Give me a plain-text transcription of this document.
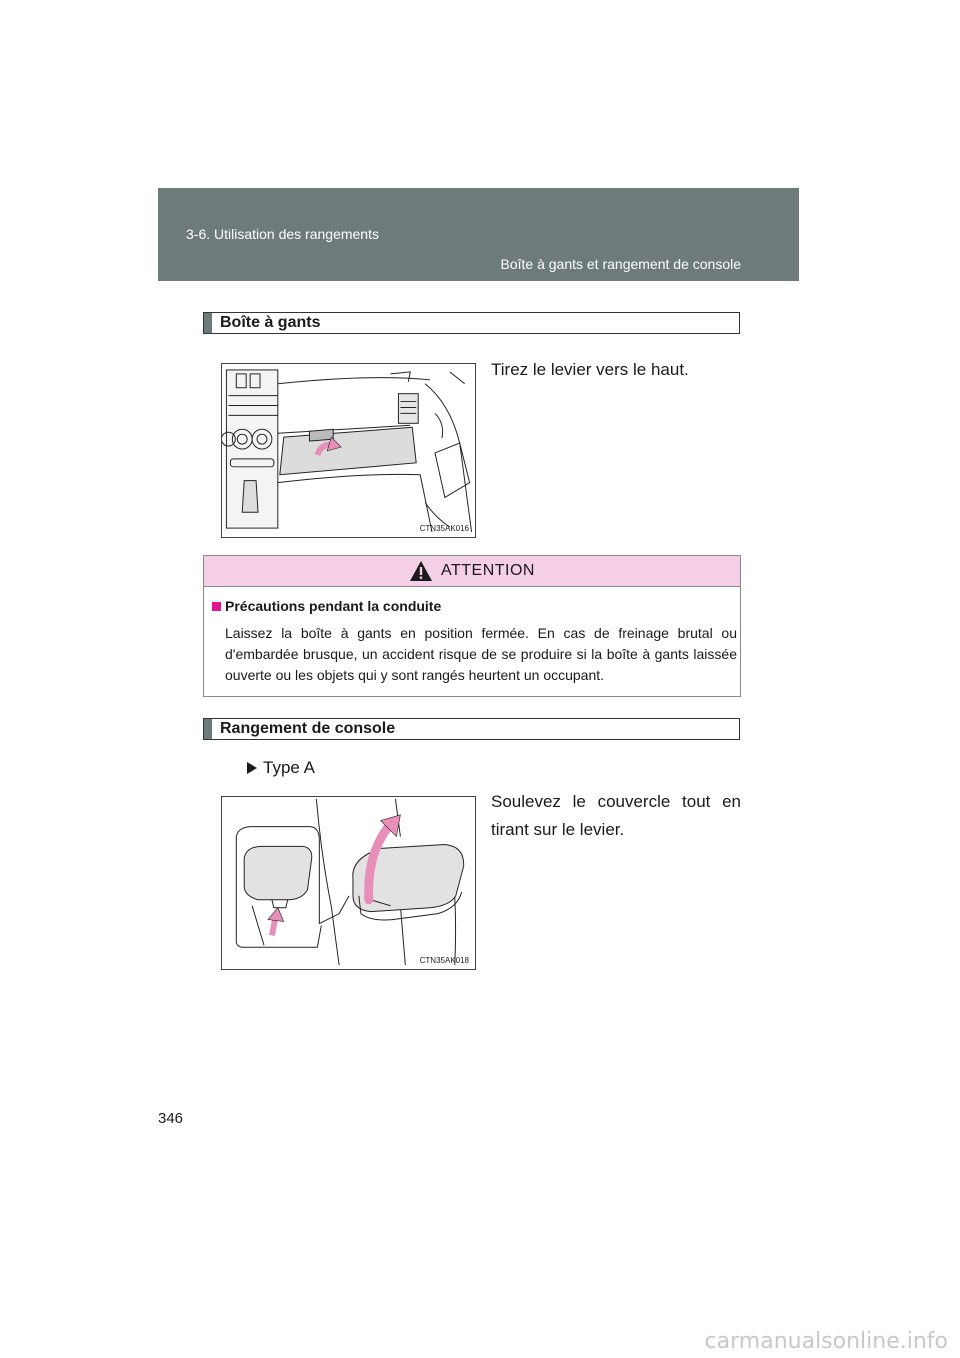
3-6. Utilisation des rangements
Boîte à gants et rangement de console
Boîte à gants
CTN35AK016
Tirez le levier vers le haut.
ATTENTION
Précautions pendant la conduite
Laissez la boîte à gants en position fermée. En cas de freinage brutal ou d'embardée brusque, un accident risque de se produire si la boîte à gants laissée ouverte ou les objets qui y sont rangés heurtent un occupant.
Rangement de console
Type A
CTN35AK018
Soulevez le couvercle tout en tirant sur le levier.
346
carmanualsonline.info
